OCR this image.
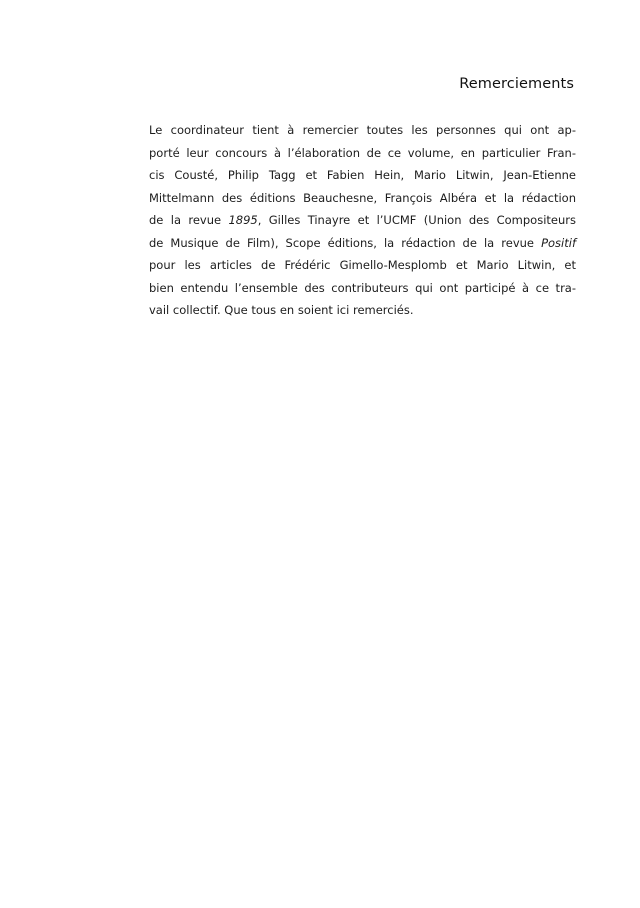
Remerciements
Le coordinateur tient à remercier toutes les personnes qui ont ap-
porté leur concours à l’élaboration de ce volume, en particulier Fran-
cis Cousté, Philip Tagg et Fabien Hein, Mario Litwin, Jean-Etienne
Mittelmann des éditions Beauchesne, François Albéra et la rédaction
de la revue 1895, Gilles Tinayre et l’UCMF (Union des Compositeurs
de Musique de Film), Scope éditions, la rédaction de la revue Positif
pour les articles de Frédéric Gimello-Mesplomb et Mario Litwin, et
bien entendu l’ensemble des contributeurs qui ont participé à ce tra-
vail collectif. Que tous en soient ici remerciés.
